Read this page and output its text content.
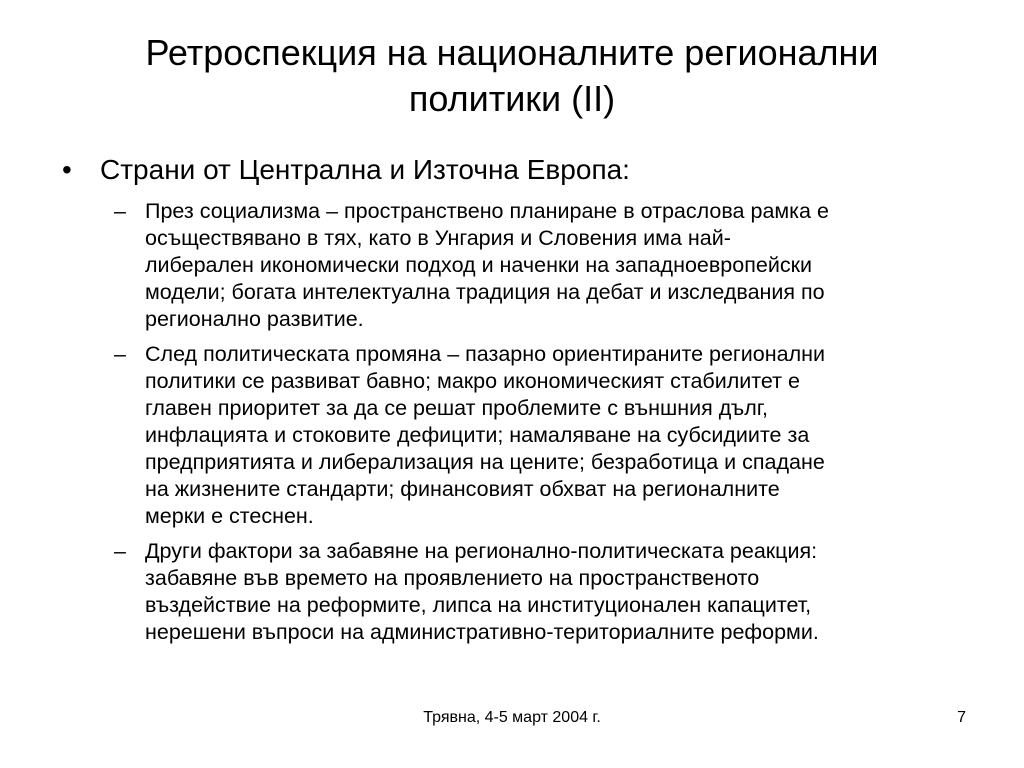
Ретроспекция на националните регионални
политики (II)
•	Страни от Централна и Източна Европа:
– През социализма – пространствено планиране в отраслова рамка е
осъществявано в тях, като в Унгария и Словения има най-
либерален икономически подход и наченки на западноевропейски
модели; богата интелектуална традиция на дебат и изследвания по
регионално развитие.
– След политическата промяна – пазарно ориентираните регионални
политики се развиват бавно; макро икономическият стабилитет е
главен приоритет за да се решат проблемите с външния дълг,
инфлацията и стоковите дефицити; намаляване на субсидиите за
предприятията и либерализация на цените; безработица и спадане
на жизнените стандарти; финансовият обхват на регионалните
мерки е стеснен.
– Други фактори за забавяне на регионално-политическата реакция:
забавяне във времето на проявлението на пространственото
въздействие на реформите, липса на институционален капацитет,
нерешени въпроси на административно-териториалните реформи.
Трявна, 4-5 март 2004 г.	7
